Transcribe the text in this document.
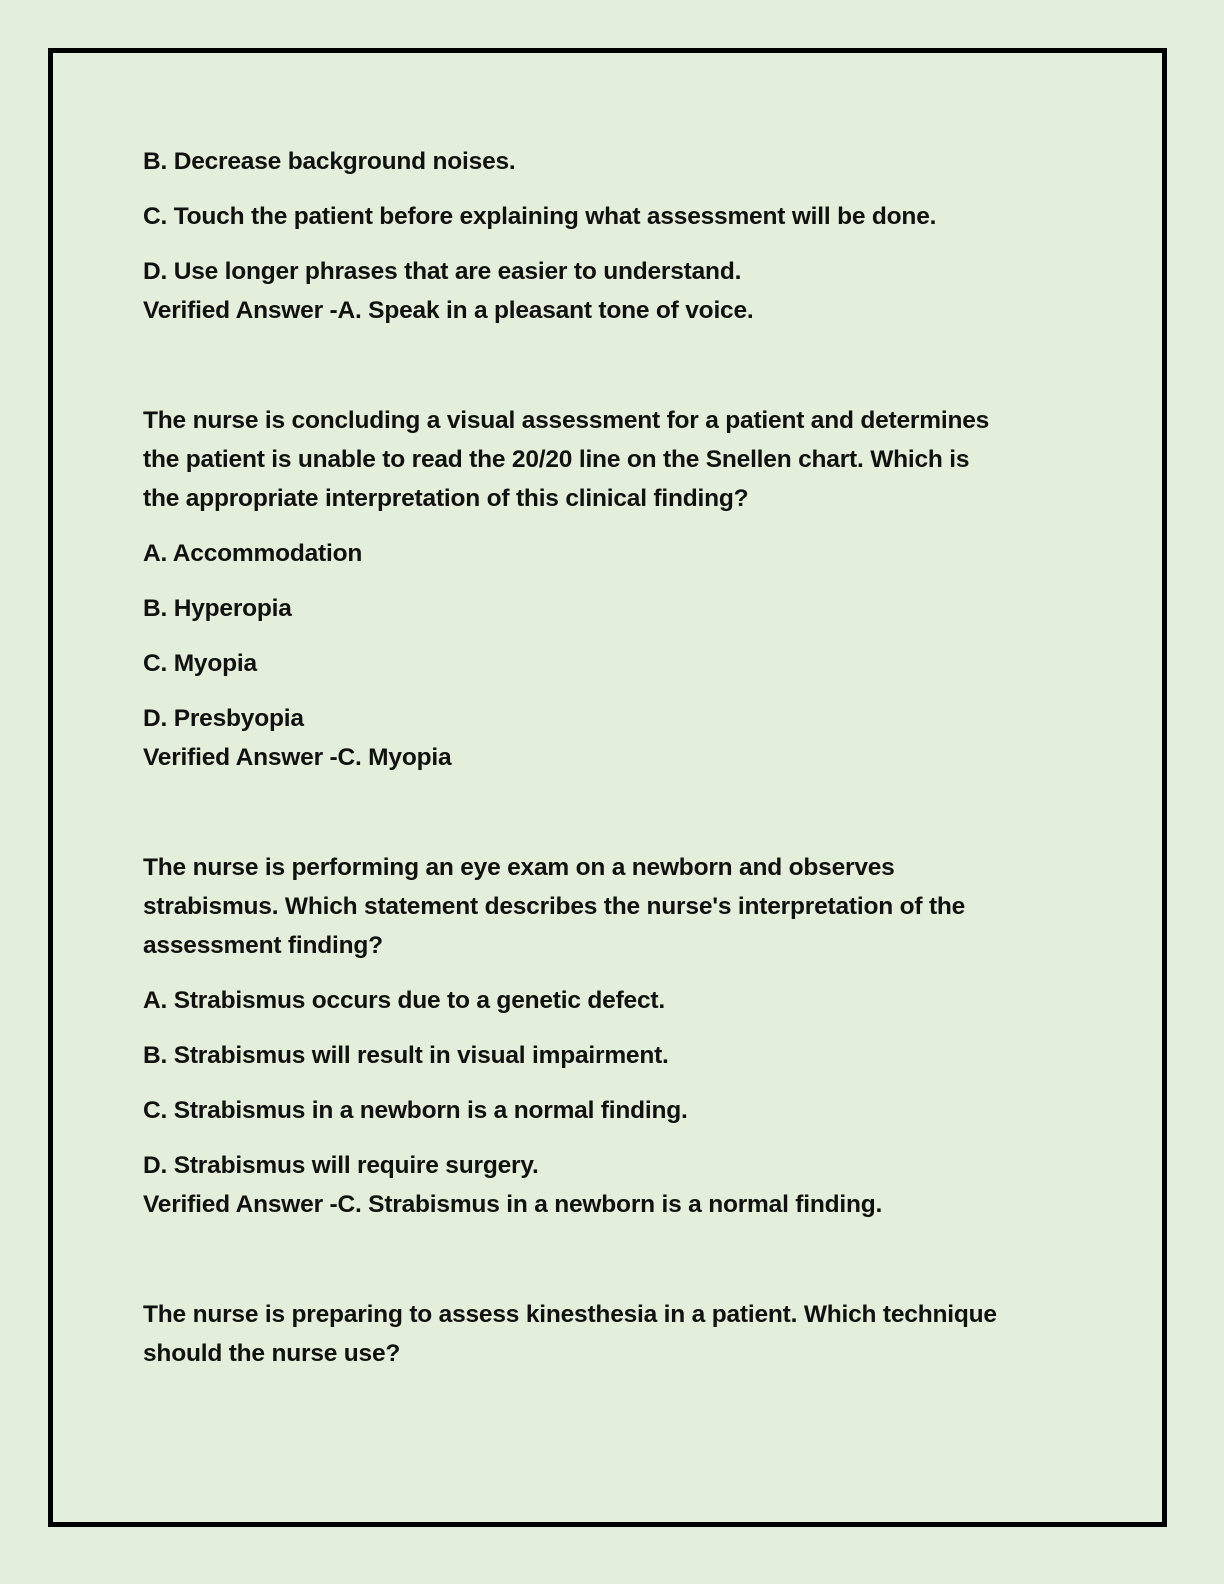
B. Decrease background noises.
C. Touch the patient before explaining what assessment will be done.
D. Use longer phrases that are easier to understand.
Verified Answer -A. Speak in a pleasant tone of voice.
The nurse is concluding a visual assessment for a patient and determines
the patient is unable to read the 20/20 line on the Snellen chart. Which is
the appropriate interpretation of this clinical finding?
A. Accommodation
B. Hyperopia
C. Myopia
D. Presbyopia
Verified Answer -C. Myopia
The nurse is performing an eye exam on a newborn and observes
strabismus. Which statement describes the nurse's interpretation of the
assessment finding?
A. Strabismus occurs due to a genetic defect.
B. Strabismus will result in visual impairment.
C. Strabismus in a newborn is a normal finding.
D. Strabismus will require surgery.
Verified Answer -C. Strabismus in a newborn is a normal finding.
The nurse is preparing to assess kinesthesia in a patient. Which technique
should the nurse use?
